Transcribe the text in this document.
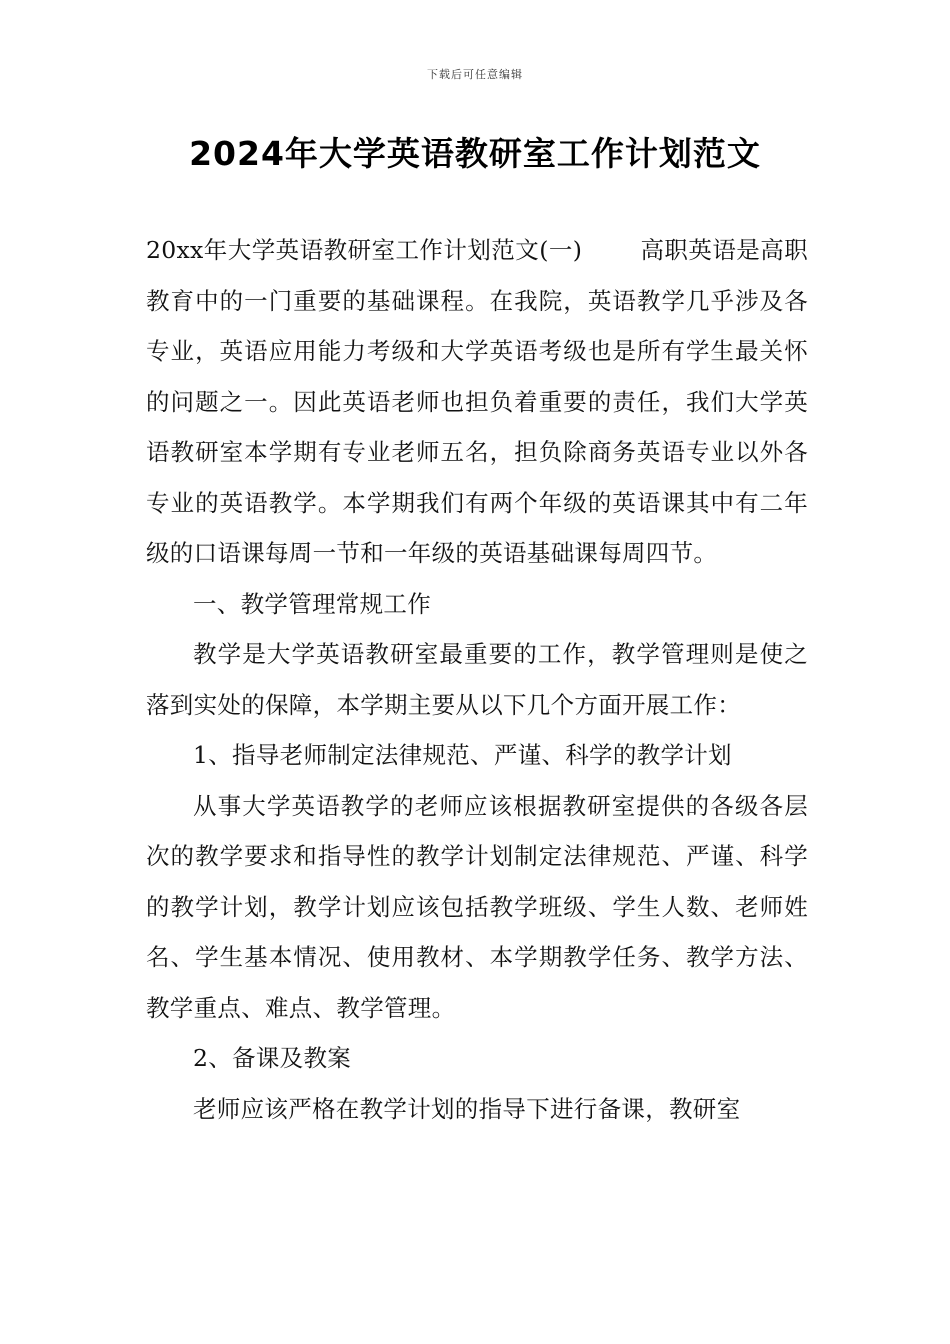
下载后可任意编辑
2024年大学英语教研室工作计划范文

20xx年大学英语教研室工作计划范文(一) 高职英语是高职教育中的一门重要的基础课程。在我院，英语教学几乎涉及各专业，英语应用能力考级和大学英语考级也是所有学生最关怀的问题之一。因此英语老师也担负着重要的责任，我们大学英语教研室本学期有专业老师五名，担负除商务英语专业以外各专业的英语教学。本学期我们有两个年级的英语课其中有二年级的口语课每周一节和一年级的英语基础课每周四节。

一、教学管理常规工作

教学是大学英语教研室最重要的工作，教学管理则是使之落到实处的保障，本学期主要从以下几个方面开展工作：

1、指导老师制定法律规范、严谨、科学的教学计划

从事大学英语教学的老师应该根据教研室提供的各级各层次的教学要求和指导性的教学计划制定法律规范、严谨、科学的教学计划，教学计划应该包括教学班级、学生人数、老师姓名、学生基本情况、使用教材、本学期教学任务、教学方法、教学重点、难点、教学管理。

2、备课及教案

老师应该严格在教学计划的指导下进行备课，教研室
